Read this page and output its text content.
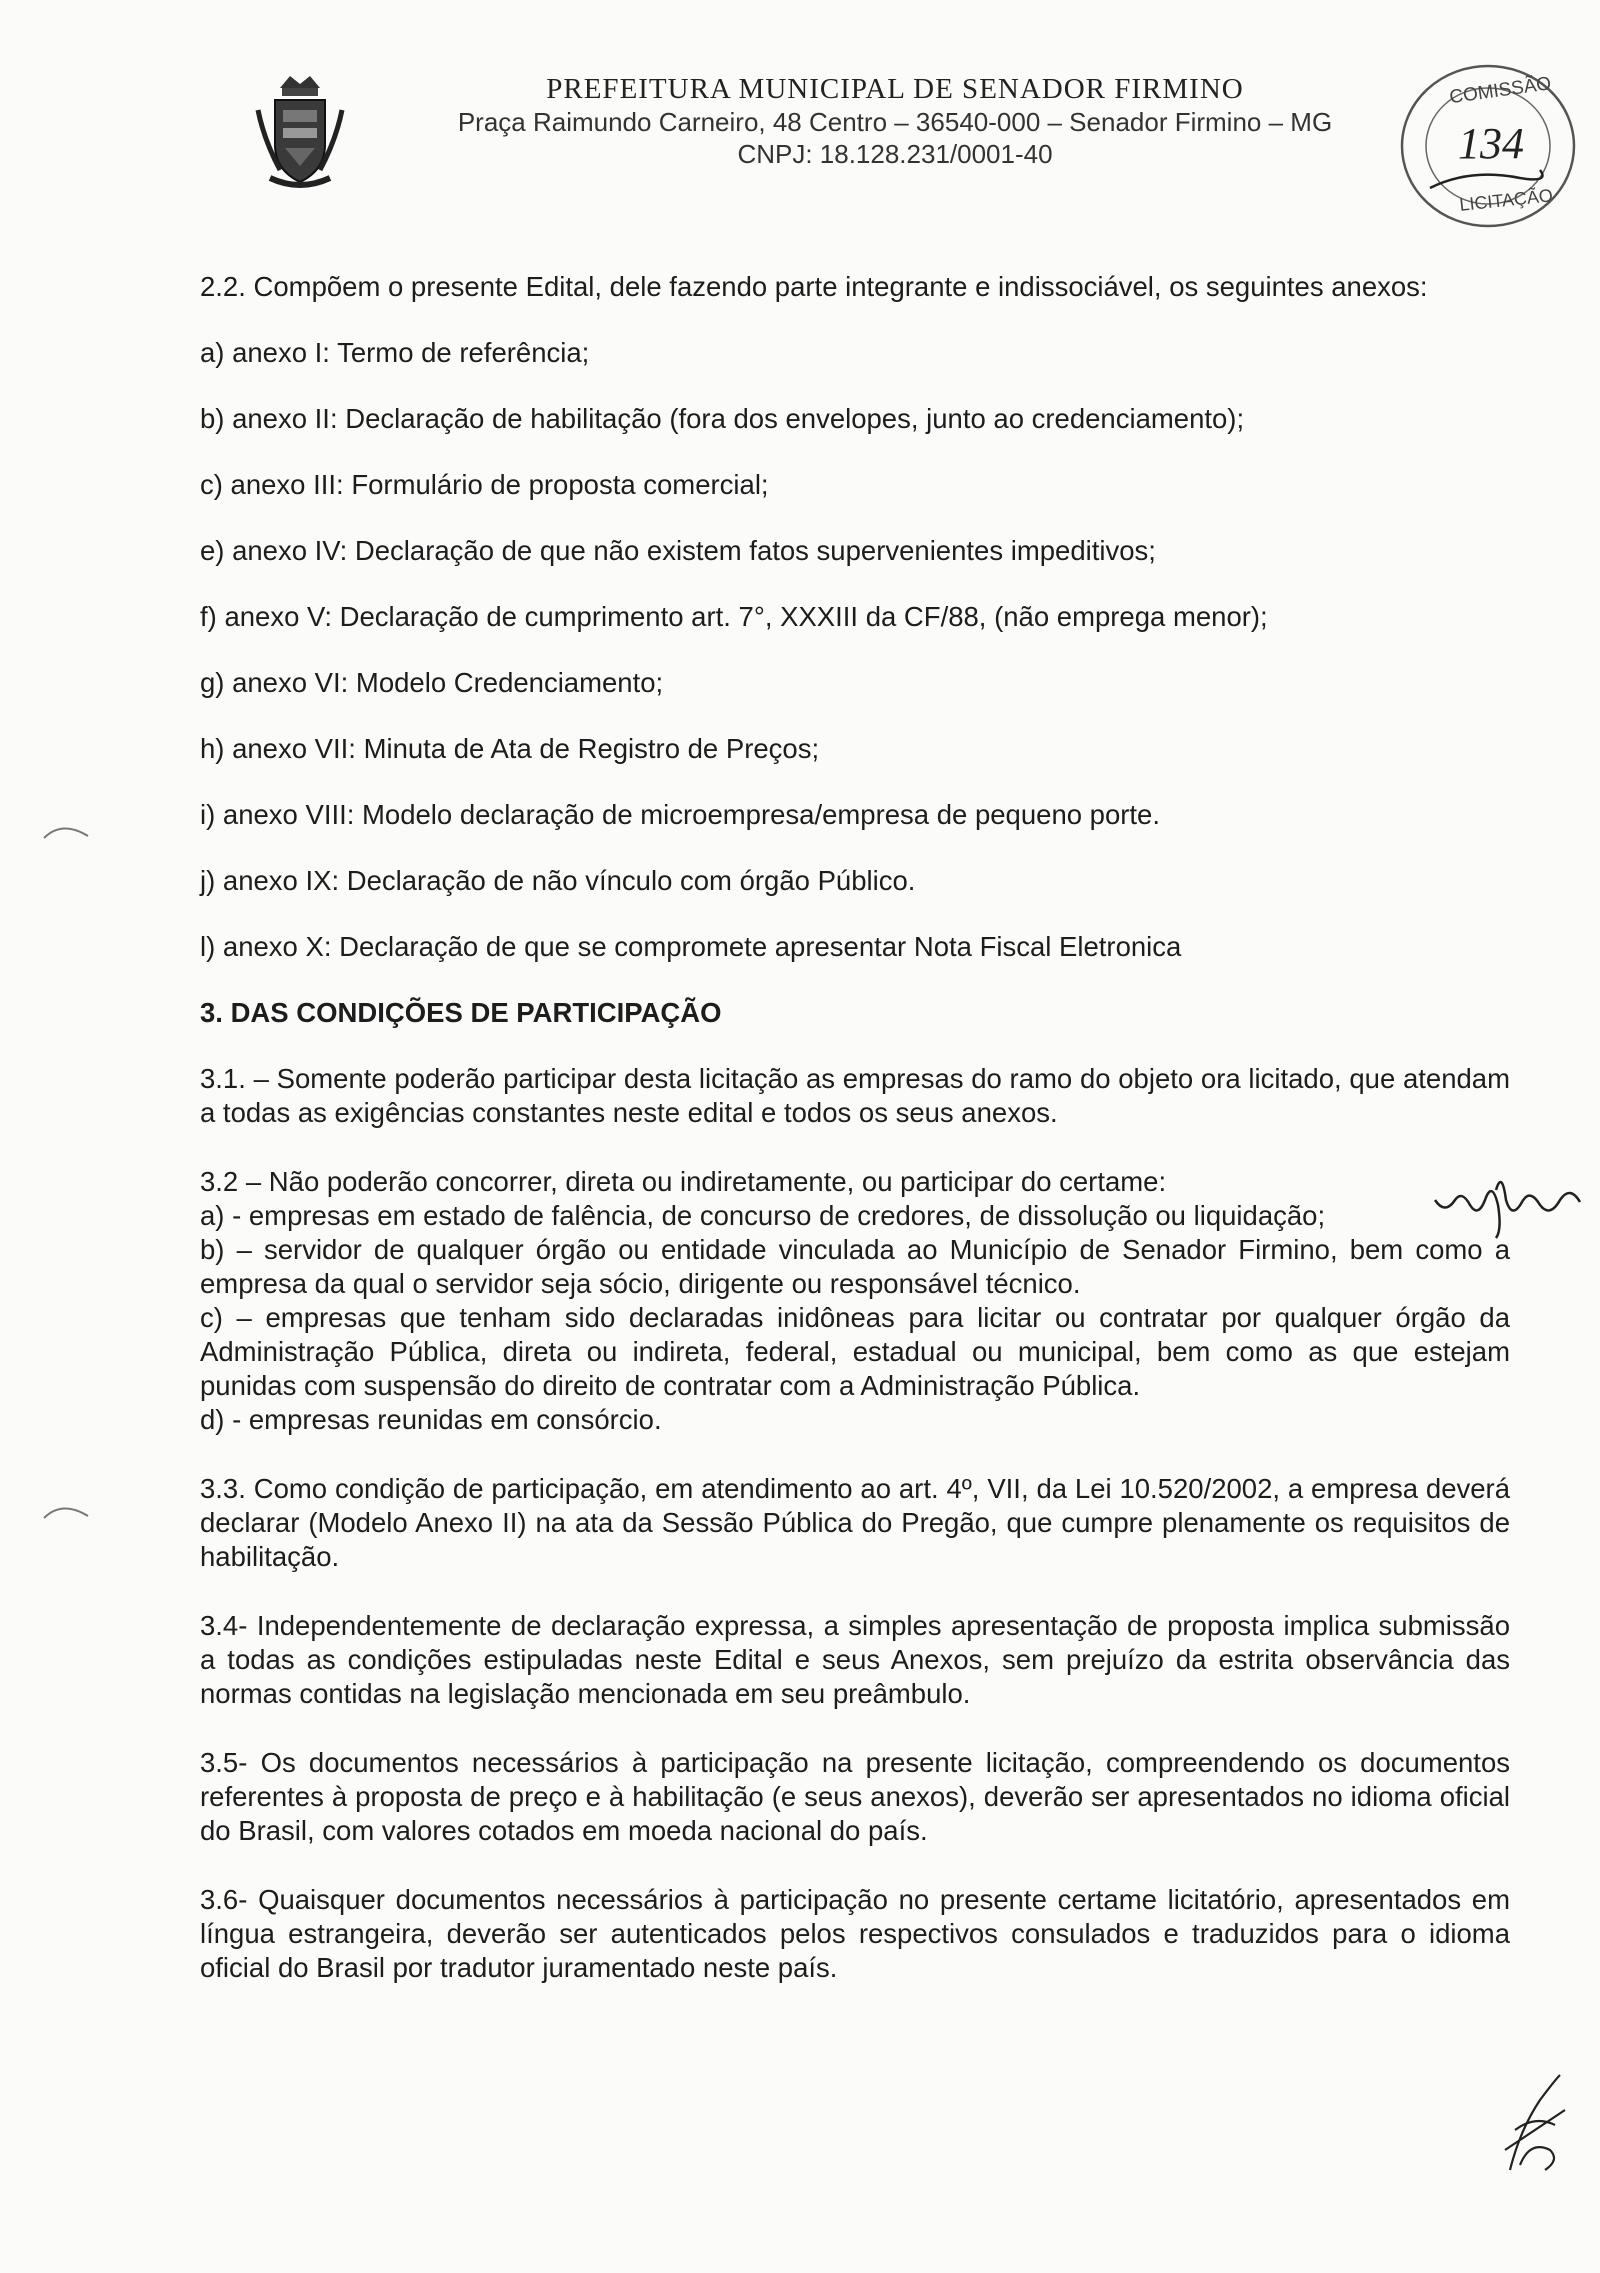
PREFEITURA MUNICIPAL DE SENADOR FIRMINO
Praça Raimundo Carneiro, 48 Centro – 36540-000 – Senador Firmino – MG
CNPJ: 18.128.231/0001-40
COMISSÃO
134
LICITAÇÃO

2.2. Compõem o presente Edital, dele fazendo parte integrante e indissociável, os seguintes anexos:

a) anexo I: Termo de referência;

b) anexo II: Declaração de habilitação (fora dos envelopes, junto ao credenciamento);

c) anexo III: Formulário de proposta comercial;

e) anexo IV: Declaração de que não existem fatos supervenientes impeditivos;

f) anexo V: Declaração de cumprimento art. 7°, XXXIII da CF/88, (não emprega menor);

g) anexo VI: Modelo Credenciamento;

h) anexo VII: Minuta de Ata de Registro de Preços;

i) anexo VIII: Modelo declaração de microempresa/empresa de pequeno porte.

j) anexo IX: Declaração de não vínculo com órgão Público.

l) anexo X: Declaração de que se compromete apresentar Nota Fiscal Eletronica

3. DAS CONDIÇÕES DE PARTICIPAÇÃO

3.1. – Somente poderão participar desta licitação as empresas do ramo do objeto ora licitado, que atendam a todas as exigências constantes neste edital e todos os seus anexos.

3.2 – Não poderão concorrer, direta ou indiretamente, ou participar do certame:

a) - empresas em estado de falência, de concurso de credores, de dissolução ou liquidação;

b) – servidor de qualquer órgão ou entidade vinculada ao Município de Senador Firmino, bem como a empresa da qual o servidor seja sócio, dirigente ou responsável técnico.

c) – empresas que tenham sido declaradas inidôneas para licitar ou contratar por qualquer órgão da Administração Pública, direta ou indireta, federal, estadual ou municipal, bem como as que estejam punidas com suspensão do direito de contratar com a Administração Pública.

d) - empresas reunidas em consórcio.

3.3. Como condição de participação, em atendimento ao art. 4º, VII, da Lei 10.520/2002, a empresa deverá declarar (Modelo Anexo II) na ata da Sessão Pública do Pregão, que cumpre plenamente os requisitos de habilitação.

3.4- Independentemente de declaração expressa, a simples apresentação de proposta implica submissão a todas as condições estipuladas neste Edital e seus Anexos, sem prejuízo da estrita observância das normas contidas na legislação mencionada em seu preâmbulo.

3.5- Os documentos necessários à participação na presente licitação, compreendendo os documentos referentes à proposta de preço e à habilitação (e seus anexos), deverão ser apresentados no idioma oficial do Brasil, com valores cotados em moeda nacional do país.

3.6- Quaisquer documentos necessários à participação no presente certame licitatório, apresentados em língua estrangeira, deverão ser autenticados pelos respectivos consulados e traduzidos para o idioma oficial do Brasil por tradutor juramentado neste país.
